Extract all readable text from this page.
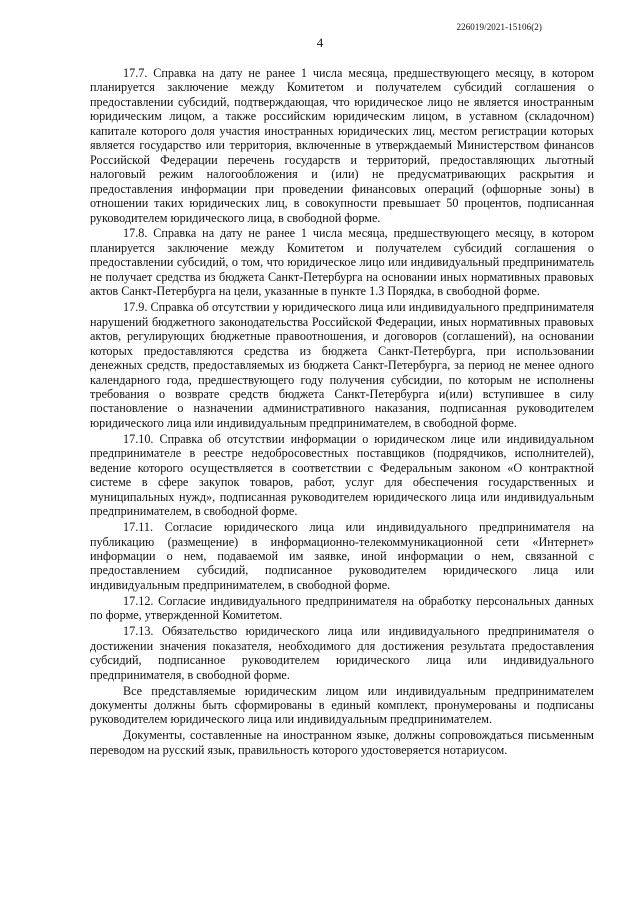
226019/2021-15106(2)
4

17.7. Справка на дату не ранее 1 числа месяца, предшествующего месяцу, в котором планируется заключение между Комитетом и получателем субсидий соглашения о предоставлении субсидий, подтверждающая, что юридическое лицо не является иностранным юридическим лицом, а также российским юридическим лицом, в уставном (складочном) капитале которого доля участия иностранных юридических лиц, местом регистрации которых является государство или территория, включенные в утверждаемый Министерством финансов Российской Федерации перечень государств и территорий, предоставляющих льготный налоговый режим налогообложения и (или) не предусматривающих раскрытия и предоставления информации при проведении финансовых операций (офшорные зоны) в отношении таких юридических лиц, в совокупности превышает 50 процентов, подписанная руководителем юридического лица, в свободной форме.

17.8. Справка на дату не ранее 1 числа месяца, предшествующего месяцу, в котором планируется заключение между Комитетом и получателем субсидий соглашения о предоставлении субсидий, о том, что юридическое лицо или индивидуальный предприниматель не получает средства из бюджета Санкт-Петербурга на основании иных нормативных правовых актов Санкт-Петербурга на цели, указанные в пункте 1.3 Порядка, в свободной форме.

17.9. Справка об отсутствии у юридического лица или индивидуального предпринимателя нарушений бюджетного законодательства Российской Федерации, иных нормативных правовых актов, регулирующих бюджетные правоотношения, и договоров (соглашений), на основании которых предоставляются средства из бюджета Санкт-Петербурга, при использовании денежных средств, предоставляемых из бюджета Санкт-Петербурга, за период не менее одного календарного года, предшествующего году получения субсидии, по которым не исполнены требования о возврате средств бюджета Санкт-Петербурга и(или) вступившее в силу постановление о назначении административного наказания, подписанная руководителем юридического лица или индивидуальным предпринимателем, в свободной форме.

17.10. Справка об отсутствии информации о юридическом лице или индивидуальном предпринимателе в реестре недобросовестных поставщиков (подрядчиков, исполнителей), ведение которого осуществляется в соответствии с Федеральным законом «О контрактной системе в сфере закупок товаров, работ, услуг для обеспечения государственных и муниципальных нужд», подписанная руководителем юридического лица или индивидуальным предпринимателем, в свободной форме.

17.11. Согласие юридического лица или индивидуального предпринимателя на публикацию (размещение) в информационно-телекоммуникационной сети «Интернет» информации о нем, подаваемой им заявке, иной информации о нем, связанной с предоставлением субсидий, подписанное руководителем юридического лица или индивидуальным предпринимателем, в свободной форме.

17.12. Согласие индивидуального предпринимателя на обработку персональных данных по форме, утвержденной Комитетом.

17.13. Обязательство юридического лица или индивидуального предпринимателя о достижении значения показателя, необходимого для достижения результата предоставления субсидий, подписанное руководителем юридического лица или индивидуального предпринимателя, в свободной форме.

Все представляемые юридическим лицом или индивидуальным предпринимателем документы должны быть сформированы в единый комплект, пронумерованы и подписаны руководителем юридического лица или индивидуальным предпринимателем.

Документы, составленные на иностранном языке, должны сопровождаться письменным переводом на русский язык, правильность которого удостоверяется нотариусом.
